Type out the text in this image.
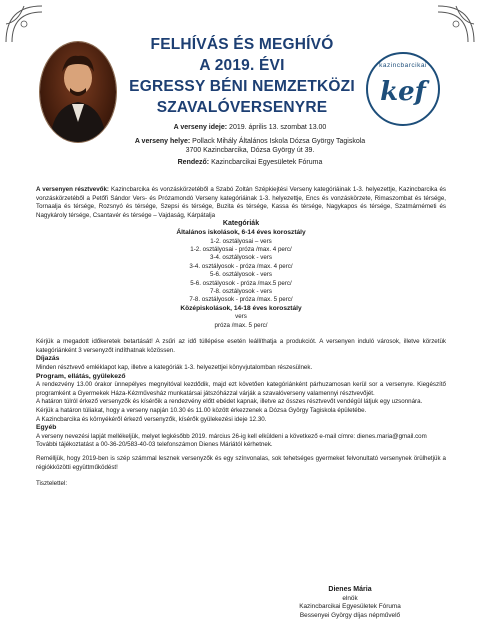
kazincbarcikai
kef
FELHÍVÁS ÉS MEGHÍVÓ
A 2019. ÉVI
EGRESSY BÉNI NEMZETKÖZI
SZAVALÓVERSENYRE
A verseny ideje: 2019. április 13. szombat 13.00
A verseny helye: Pollack Mihály Általános Iskola Dózsa György Tagiskola
3700 Kazincbarcika, Dózsa György út 39.
Rendező: Kazincbarcikai Egyesületek Fóruma

A versenyen résztvevők: Kazincbarcika és vonzáskörzetéből a Szabó Zoltán Szépkiejtési Verseny kategóriáinak 1-3. helyezettje, Kazincbarcika és vonzáskörzetéből a Petőfi Sándor Vers- és Prózamondó Verseny kategóriáinak 1-3. helyezettje, Encs és vonzáskörzete, Rimaszombat és térsége, Tornaalja és térsége, Rozsnyó és térsége, Szepsi és térsége, Buzita és térsége, Kassa és térsége, Nagykapos és térsége, Szatmárnémeti és Nagykároly térsége, Csantavér és térsége – Vajdaság, Kárpátalja

Kategóriák

Általános iskolások, 6-14 éves korosztály

1-2. osztályosai – vers
1-2. osztályosai - próza /max. 4 perc/
3-4. osztályosok - vers
3-4. osztályosok - próza /max. 4 perc/
5-6. osztályosok - vers
5-6. osztályosok - próza /max.5 perc/
7-8. osztályosok - vers
7-8. osztályosok - próza /max. 5 perc/

Középiskolások, 14-18 éves korosztály

vers
próza /max. 5 perc/

Kérjük a megadott időkeretek betartását! A zsűri az idő túllépése esetén leállíthatja a produkciót. A versenyen induló városok, illetve körzetük kategóriánként 3 versenyzőt indíthatnak közössen.

Díjazás

Minden résztvevő emléklapot kap, illetve a kategóriák 1-3. helyezettjei könyvjutalomban részesülnek.

Program, ellátás, gyülekező

A rendezvény 13.00 órakor ünnepélyes megnyitóval kezdődik, majd ezt követően kategóriánként párhuzamosan kerül sor a versenyre. Kiegészítő programként a Gyermekek Háza-Kézművesház munkatársai játszóházzal várják a szavalóverseny valamennyi résztvevőjét.

A határon túlról érkező versenyzők és kísérőik a rendezvény előtt ebédet kapnak, illetve az összes résztvevőt vendégül látjuk egy uzsonnára.

Kérjük a határon túliakat, hogy a verseny napján 10.30 és 11.00 között érkezzenek a Dózsa György Tagiskola épületébe.

A Kazincbarcika és környékéről érkező versenyzők, kísérők gyülekezési ideje 12.30.

Egyéb

A verseny nevezési lapját mellékeljük, melyet legkésőbb 2019. március 26-ig kell elküldeni a következő e-mail címre: dienes.maria@gmail.com

További tájékoztatást a 00-36-20/583-40-03 telefonszámon Dienes Máriától kérhetnek.

Remélljük, hogy 2019-ben is szép számmal lesznek versenyzők és egy színvonalas, sok tehetséges gyermeket felvonultató versenynek örülhetjük a régiókközötti együttműködést!

Tisztelettel:

Dienes Mária
elnök
Kazincbarcikai Egyesületek Fóruma
Bessenyei György díjas népművelő
